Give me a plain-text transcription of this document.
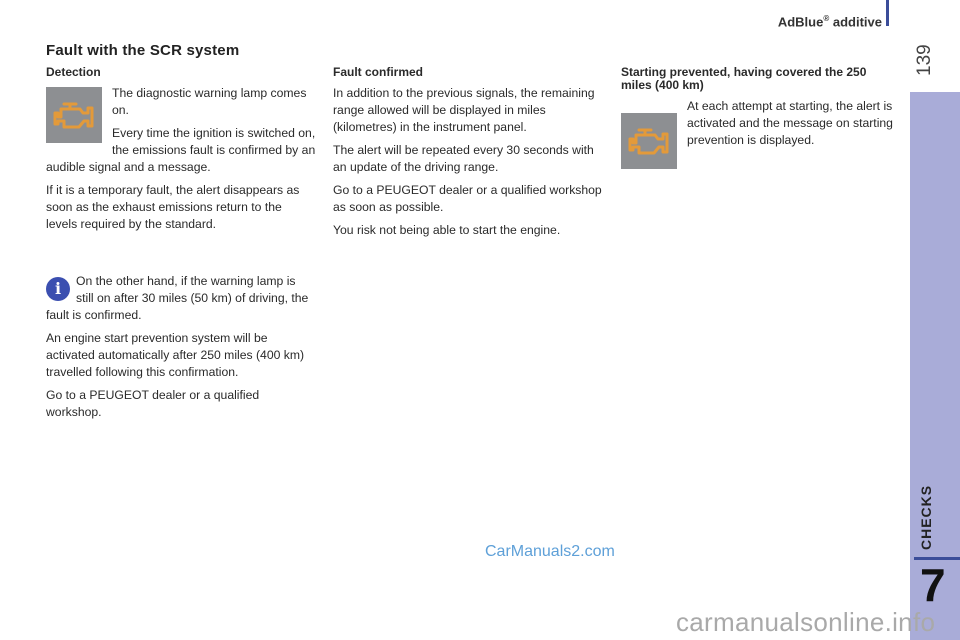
AdBlue® additive
139
CHECKS
7
Fault with the SCR system
Detection

The diagnostic warning lamp comes on.

Every time the ignition is switched on, the emissions fault is confirmed by an audible signal and a message.

If it is a temporary fault, the alert disappears as soon as the exhaust emissions return to the levels required by the standard.

i	On the other hand, if the warning lamp is still on after 30 miles (50 km) of driving, the fault is confirmed.

An engine start prevention system will be activated automatically after 250 miles (400 km) travelled following this confirmation.

Go to a PEUGEOT dealer or a qualified workshop.

Fault confirmed

In addition to the previous signals, the remaining range allowed will be displayed in miles (kilometres) in the instrument panel.

The alert will be repeated every 30 seconds with an update of the driving range.

Go to a PEUGEOT dealer or a qualified workshop as soon as possible.

You risk not being able to start the engine.

Starting prevented, having covered the 250 miles (400 km)

At each attempt at starting, the alert is activated and the message on starting prevention is displayed.

CarManuals2.com
carmanualsonline.info
